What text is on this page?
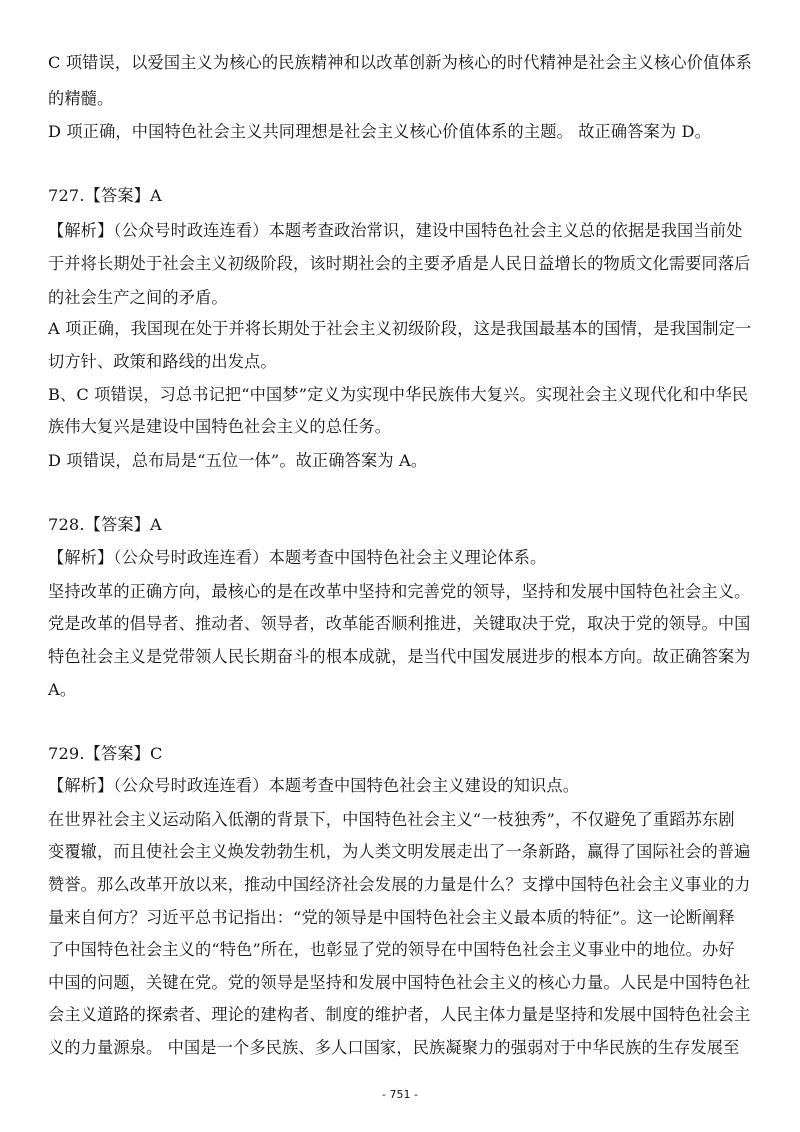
C 项错误，以爱国主义为核心的民族精神和以改革创新为核心的时代精神是社会主义核心价值体系
的精髓。
D 项正确，中国特色社会主义共同理想是社会主义核心价值体系的主题。 故正确答案为 D。
727.【答案】A
【解析】（公众号时政连连看）本题考查政治常识，建设中国特色社会主义总的依据是我国当前处
于并将长期处于社会主义初级阶段，该时期社会的主要矛盾是人民日益增长的物质文化需要同落后
的社会生产之间的矛盾。
A 项正确，我国现在处于并将长期处于社会主义初级阶段，这是我国最基本的国情，是我国制定一
切方针、政策和路线的出发点。
B、C 项错误，习总书记把“中国梦”定义为实现中华民族伟大复兴。实现社会主义现代化和中华民
族伟大复兴是建设中国特色社会主义的总任务。
D 项错误，总布局是“五位一体”。故正确答案为 A。
728.【答案】A
【解析】（公众号时政连连看）本题考查中国特色社会主义理论体系。
坚持改革的正确方向，最核心的是在改革中坚持和完善党的领导，坚持和发展中国特色社会主义。
党是改革的倡导者、推动者、领导者，改革能否顺利推进，关键取决于党，取决于党的领导。中国
特色社会主义是党带领人民长期奋斗的根本成就，是当代中国发展进步的根本方向。故正确答案为
A。
729.【答案】C
【解析】（公众号时政连连看）本题考查中国特色社会主义建设的知识点。
在世界社会主义运动陷入低潮的背景下，中国特色社会主义“一枝独秀”，不仅避免了重蹈苏东剧
变覆辙，而且使社会主义焕发勃勃生机，为人类文明发展走出了一条新路，赢得了国际社会的普遍
赞誉。那么改革开放以来，推动中国经济社会发展的力量是什么？支撑中国特色社会主义事业的力
量来自何方？习近平总书记指出：“党的领导是中国特色社会主义最本质的特征”。这一论断阐释
了中国特色社会主义的“特色”所在，也彰显了党的领导在中国特色社会主义事业中的地位。办好
中国的问题，关键在党。党的领导是坚持和发展中国特色社会主义的核心力量。人民是中国特色社
会主义道路的探索者、理论的建构者、制度的维护者，人民主体力量是坚持和发展中国特色社会主
义的力量源泉。 中国是一个多民族、多人口国家，民族凝聚力的强弱对于中华民族的生存发展至
- 751 -
